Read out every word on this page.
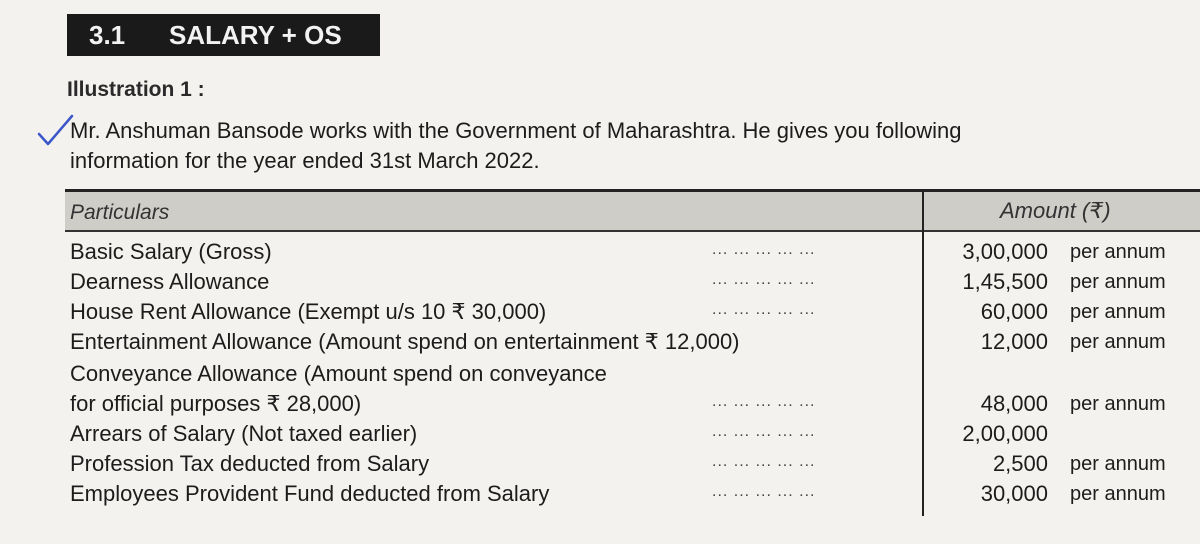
3.1	SALARY + OS
Illustration 1 :
Mr. Anshuman Bansode works with the Government of Maharashtra. He gives you following
information for the year ended 31st March 2022.
Particulars	Amount (₹)
Basic Salary (Gross)	... ... ... ... ...	3,00,000 per annum
Dearness Allowance	... ... ... ... ...	1,45,500 per annum
House Rent Allowance (Exempt u/s 10 ₹ 30,000)	... ... ... ... ...	60,000 per annum
Entertainment Allowance (Amount spend on entertainment ₹ 12,000)	12,000 per annum
Conveyance Allowance (Amount spend on conveyance
for official purposes ₹ 28,000)	... ... ... ... ...	48,000 per annum
Arrears of Salary (Not taxed earlier)	... ... ... ... ...	2,00,000
Profession Tax deducted from Salary	... ... ... ... ...	2,500 per annum
Employees Provident Fund deducted from Salary	... ... ... ... ...	30,000 per annum
